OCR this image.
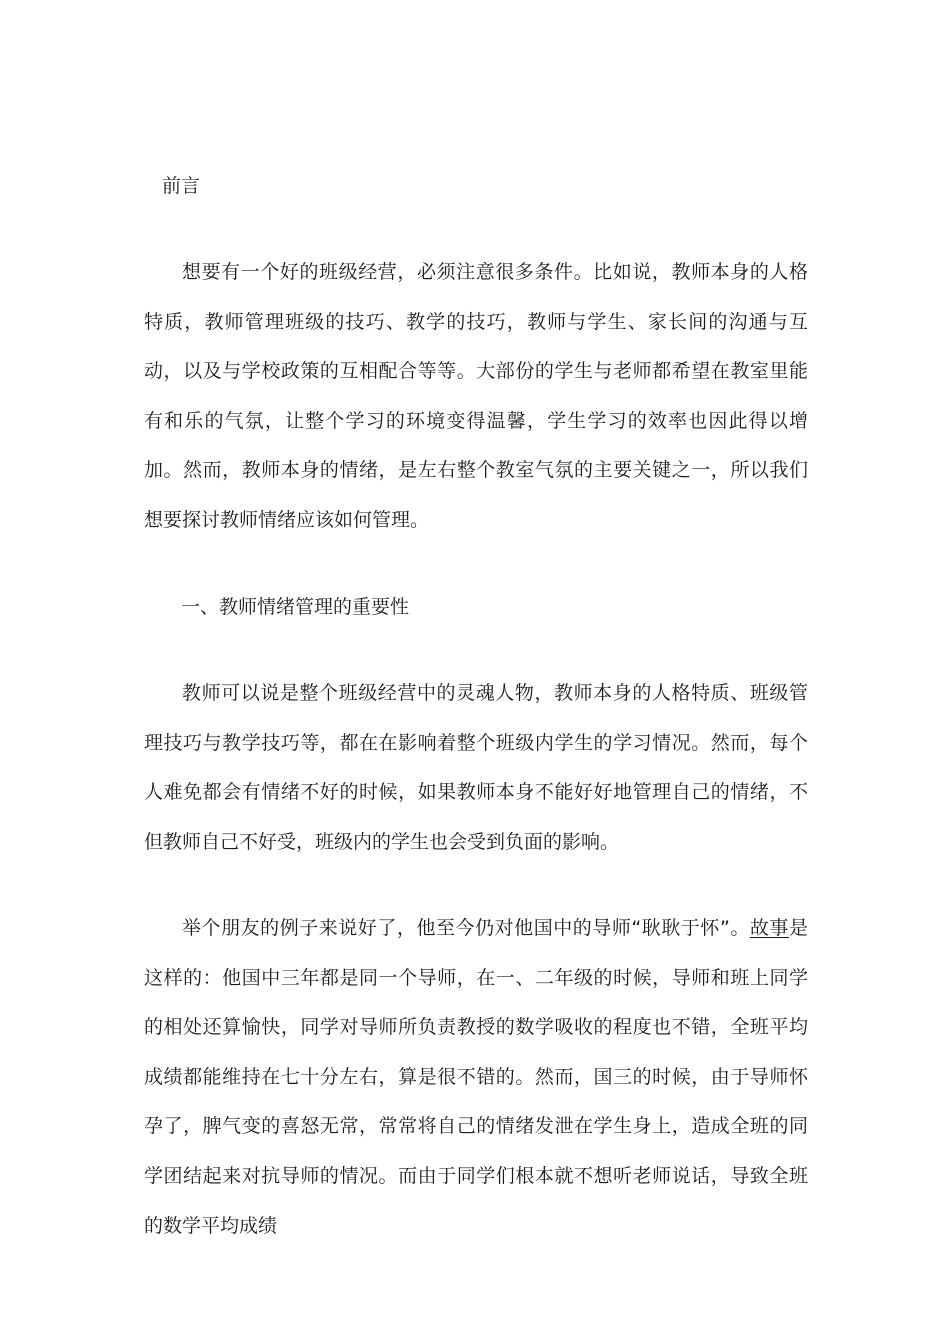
前言

想要有一个好的班级经营，必须注意很多条件。比如说，教师本身的人格特质，教师管理班级的技巧、教学的技巧，教师与学生、家长间的沟通与互动，以及与学校政策的互相配合等等。大部份的学生与老师都希望在教室里能有和乐的气氛，让整个学习的环境变得温馨，学生学习的效率也因此得以增加。然而，教师本身的情绪，是左右整个教室气氛的主要关键之一，所以我们想要探讨教师情绪应该如何管理。

一、教师情绪管理的重要性

教师可以说是整个班级经营中的灵魂人物，教师本身的人格特质、班级管理技巧与教学技巧等，都在在影响着整个班级内学生的学习情况。然而，每个人难免都会有情绪不好的时候，如果教师本身不能好好地管理自己的情绪，不但教师自己不好受，班级内的学生也会受到负面的影响。

举个朋友的例子来说好了，他至今仍对他国中的导师“耿耿于怀”。故事是这样的：他国中三年都是同一个导师，在一、二年级的时候，导师和班上同学的相处还算愉快，同学对导师所负责教授的数学吸收的程度也不错，全班平均成绩都能维持在七十分左右，算是很不错的。然而，国三的时候，由于导师怀孕了，脾气变的喜怒无常，常常将自己的情绪发泄在学生身上，造成全班的同学团结起来对抗导师的情况。而由于同学们根本就不想听老师说话，导致全班的数学平均成绩
